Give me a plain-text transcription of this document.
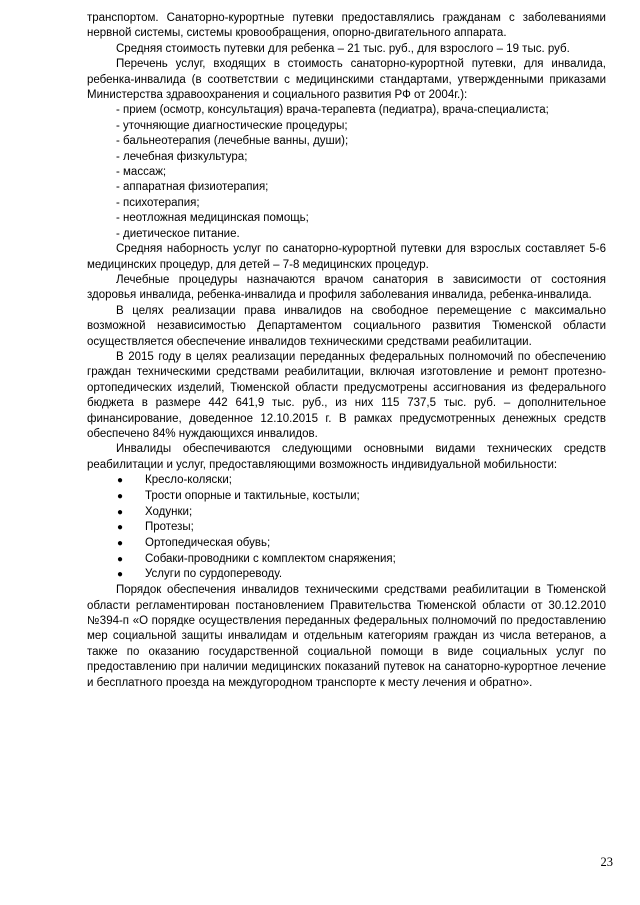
транспортом. Санаторно-курортные путевки предоставлялись гражданам с заболеваниями нервной системы, системы кровообращения, опорно-двигательного аппарата.

Средняя стоимость путевки для ребенка – 21 тыс. руб., для взрослого – 19 тыс. руб.

Перечень услуг, входящих в стоимость санаторно-курортной путевки, для инвалида, ребенка-инвалида (в соответствии с медицинскими стандартами, утвержденными приказами Министерства здравоохранения и социального развития РФ от 2004г.):

- прием (осмотр, консультация) врача-терапевта (педиатра), врача-специалиста;
- уточняющие диагностические процедуры;
- бальнеотерапия (лечебные ванны, души);
- лечебная физкультура;
- массаж;
- аппаратная физиотерапия;
- психотерапия;
- неотложная медицинская помощь;
- диетическое питание.

Средняя наборность услуг по санаторно-курортной путевки для взрослых составляет 5-6 медицинских процедур, для детей – 7-8 медицинских процедур.

Лечебные процедуры назначаются врачом санатория в зависимости от состояния здоровья инвалида, ребенка-инвалида и профиля заболевания инвалида, ребенка-инвалида.

В целях реализации права инвалидов на свободное перемещение с максимально возможной независимостью Департаментом социального развития Тюменской области осуществляется обеспечение инвалидов техническими средствами реабилитации.

В 2015 году в целях реализации переданных федеральных полномочий по обеспечению граждан техническими средствами реабилитации, включая изготовление и ремонт протезно-ортопедических изделий, Тюменской области предусмотрены ассигнования из федерального бюджета в размере 442 641,9 тыс. руб., из них 115 737,5 тыс. руб. – дополнительное финансирование, доведенное 12.10.2015 г. В рамках предусмотренных денежных средств обеспечено 84% нуждающихся инвалидов.

Инвалиды обеспечиваются следующими основными видами технических средств реабилитации и услуг, предоставляющими возможность индивидуальной мобильности:

● Кресло-коляски;
● Трости опорные и тактильные, костыли;
● Ходунки;
● Протезы;
● Ортопедическая обувь;
● Собаки-проводники с комплектом снаряжения;
● Услуги по сурдопереводу.

Порядок обеспечения инвалидов техническими средствами реабилитации в Тюменской области регламентирован постановлением Правительства Тюменской области от 30.12.2010 №394-п «О порядке осуществления переданных федеральных полномочий по предоставлению мер социальной защиты инвалидам и отдельным категориям граждан из числа ветеранов, а также по оказанию государственной социальной помощи в виде социальных услуг по предоставлению при наличии медицинских показаний путевок на санаторно-курортное лечение и бесплатного проезда на междугородном транспорте к месту лечения и обратно».

23
